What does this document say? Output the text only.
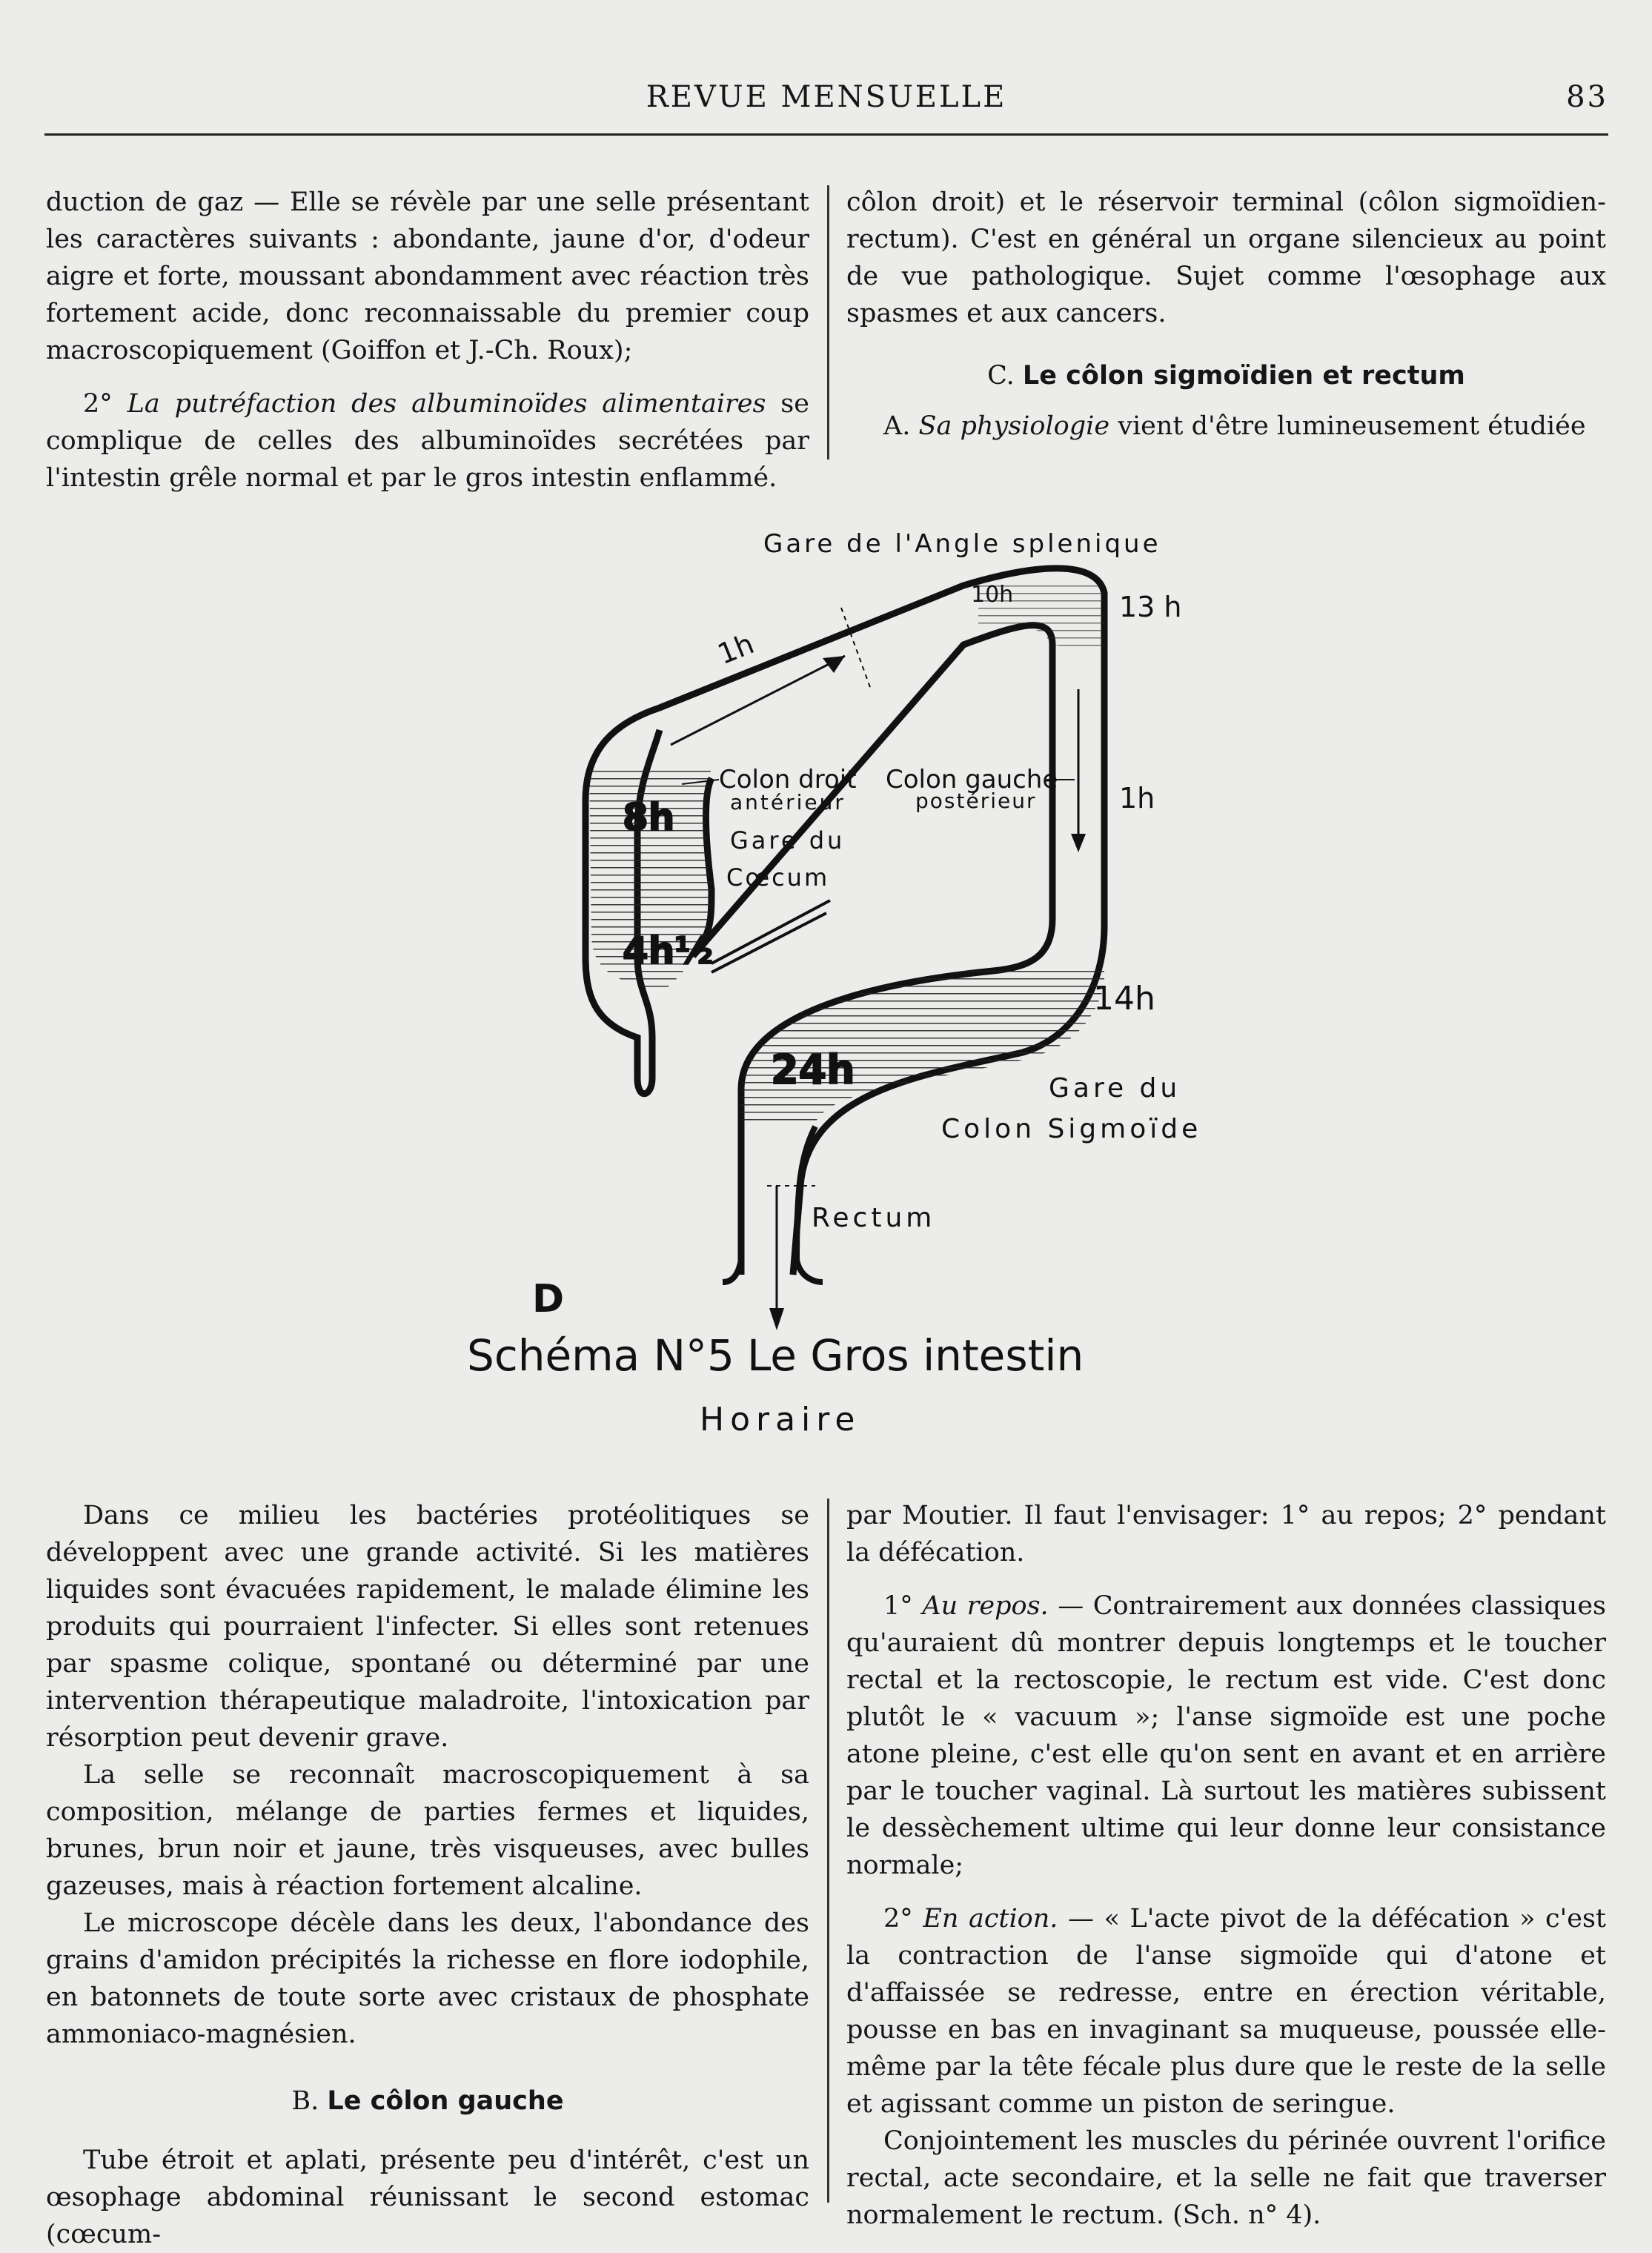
REVUE MENSUELLE	83

duction de gaz — Elle se révèle par une selle présentant les caractères suivants : abondante, jaune d'or, d'odeur aigre et forte, moussant abondamment avec réaction très fortement acide, donc reconnaissable du premier coup macroscopiquement (Goiffon et J.-Ch. Roux);

2° La putréfaction des albuminoïdes alimentaires se complique de celles des albuminoïdes secrétées par l'intestin grêle normal et par le gros intestin enflammé.

côlon droit) et le réservoir terminal (côlon sigmoïdien-rectum). C'est en général un organe silencieux au point de vue pathologique. Sujet comme l'œsophage aux spasmes et aux cancers.

C. Le côlon sigmoïdien et rectum

A. Sa physiologie vient d'être lumineusement étudiée

Gare de l'Angle splenique
10h	13 h
1h
1h
8h
Colon droit
antérieur
Colon gauche
postérieur
Gare du
Cœcum
4h½
14h
24h	Gare du
Colon Sigmoïde
Rectum
D
Schéma N°5 Le Gros intestin
Horaire

Dans ce milieu les bactéries protéolitiques se développent avec une grande activité. Si les matières liquides sont évacuées rapidement, le malade élimine les produits qui pourraient l'infecter. Si elles sont retenues par spasme colique, spontané ou déterminé par une intervention thérapeutique maladroite, l'intoxication par résorption peut devenir grave.

La selle se reconnaît macroscopiquement à sa composition, mélange de parties fermes et liquides, brunes, brun noir et jaune, très visqueuses, avec bulles gazeuses, mais à réaction fortement alcaline.

Le microscope décèle dans les deux, l'abondance des grains d'amidon précipités la richesse en flore iodophile, en batonnets de toute sorte avec cristaux de phosphate ammoniaco-magnésien.

B. Le côlon gauche

Tube étroit et aplati, présente peu d'intérêt, c'est un œsophage abdominal réunissant le second estomac (cœcum-

par Moutier. Il faut l'envisager: 1° au repos; 2° pendant la défécation.

1° Au repos. — Contrairement aux données classiques qu'auraient dû montrer depuis longtemps et le toucher rectal et la rectoscopie, le rectum est vide. C'est donc plutôt le « vacuum »; l'anse sigmoïde est une poche atone pleine, c'est elle qu'on sent en avant et en arrière par le toucher vaginal. Là surtout les matières subissent le dessèchement ultime qui leur donne leur consistance normale;

2° En action. — « L'acte pivot de la défécation » c'est la contraction de l'anse sigmoïde qui d'atone et d'affaissée se redresse, entre en érection véritable, pousse en bas en invaginant sa muqueuse, poussée elle-même par la tête fécale plus dure que le reste de la selle et agissant comme un piston de seringue.

Conjointement les muscles du périnée ouvrent l'orifice rectal, acte secondaire, et la selle ne fait que traverser normalement le rectum. (Sch. n° 4).
